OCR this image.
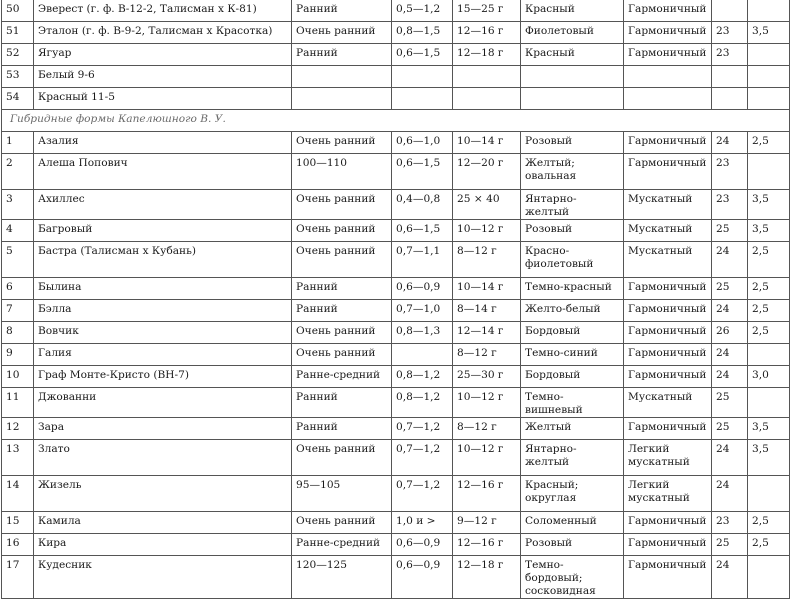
50	Эверест (г. ф. В-12-2, Талисман х К-81)	Ранний	0,5—1,2	15—25 г	Красный	Гармоничный		
51	Эталон (г. ф. В-9-2, Талисман х Красотка)	Очень ранний	0,8—1,5	12—16 г	Фиолетовый	Гармоничный	23	3,5
52	Ягуар	Ранний	0,6—1,5	12—18 г	Красный	Гармоничный	23	
53	Белый 9-6							
54	Красный 11-5							
Гибридные формы Капелюшного В. У.								
1	Азалия	Очень ранний	0,6—1,0	10—14 г	Розовый	Гармоничный	24	2,5
2	Алеша Попович	100—110	0,6—1,5	12—20 г	Желтый; овальная	Гармоничный	23	
3	Ахиллес	Очень ранний	0,4—0,8	25 × 40	Янтарно-желтый	Мускатный	23	3,5
4	Багровый	Очень ранний	0,6—1,5	10—12 г	Розовый	Мускатный	25	3,5
5	Бастра (Талисман х Кубань)	Очень ранний	0,7—1,1	8—12 г	Красно-фиолетовый	Мускатный	24	2,5
6	Былина	Ранний	0,6—0,9	10—14 г	Темно-красный	Гармоничный	25	2,5
7	Бэлла	Ранний	0,7—1,0	8—14 г	Желто-белый	Гармоничный	24	2,5
8	Вовчик	Очень ранний	0,8—1,3	12—14 г	Бордовый	Гармоничный	26	2,5
9	Галия	Очень ранний		8—12 г	Темно-синий	Гармоничный	24	
10	Граф Монте-Кристо (ВН-7)	Ранне-средний	0,8—1,2	25—30 г	Бордовый	Гармоничный	24	3,0
11	Джованни	Ранний	0,8—1,2	10—12 г	Темно- вишневый	Мускатный	25	
12	Зара	Ранний	0,7—1,2	8—12 г	Желтый	Гармоничный	25	3,5
13	Злато	Очень ранний	0,7—1,2	10—12 г	Янтарно-желтый	Легкий мускатный	24	3,5
14	Жизель	95—105	0,7—1,2	12—16 г	Красный; округлая	Легкий мускатный	24	
15	Камила	Очень ранний	1,0 и >	9—12 г	Соломенный	Гармоничный	23	2,5
16	Кира	Ранне-средний	0,6—0,9	12—16 г	Розовый	Гармоничный	25	2,5
17	Кудесник	120—125	0,6—0,9	12—18 г	Темно-бордовый; сосковидная	Гармоничный	24	
